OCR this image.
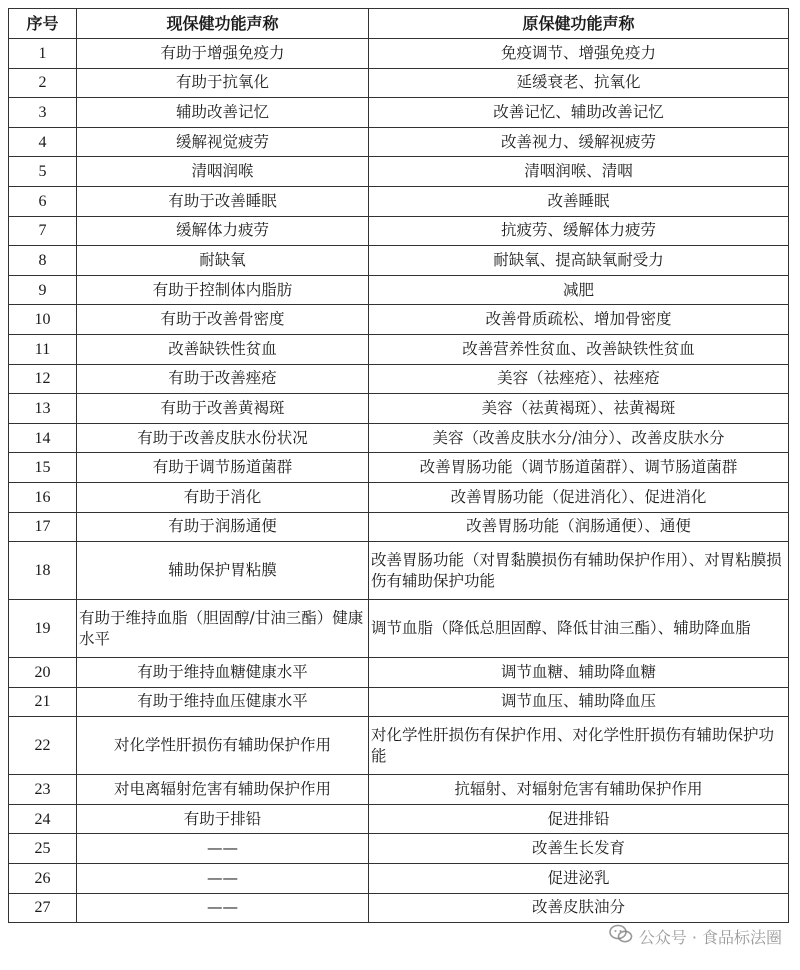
序号	现保健功能声称	原保健功能声称
1	有助于增强免疫力	免疫调节、增强免疫力
2	有助于抗氧化	延缓衰老、抗氧化
3	辅助改善记忆	改善记忆、辅助改善记忆
4	缓解视觉疲劳	改善视力、缓解视疲劳
5	清咽润喉	清咽润喉、清咽
6	有助于改善睡眠	改善睡眠
7	缓解体力疲劳	抗疲劳、缓解体力疲劳
8	耐缺氧	耐缺氧、提高缺氧耐受力
9	有助于控制体内脂肪	减肥
10	有助于改善骨密度	改善骨质疏松、增加骨密度
11	改善缺铁性贫血	改善营养性贫血、改善缺铁性贫血
12	有助于改善痤疮	美容（祛痤疮）、祛痤疮
13	有助于改善黄褐斑	美容（祛黄褐斑）、祛黄褐斑
14	有助于改善皮肤水份状况	美容（改善皮肤水分/油分）、改善皮肤水分
15	有助于调节肠道菌群	改善胃肠功能（调节肠道菌群）、调节肠道菌群
16	有助于消化	改善胃肠功能（促进消化）、促进消化
17	有助于润肠通便	改善胃肠功能（润肠通便）、通便
18	辅助保护胃粘膜	改善胃肠功能（对胃黏膜损伤有辅助保护作用）、对胃粘膜损伤有辅助保护功能
19	有助于维持血脂（胆固醇/甘油三酯）健康水平	调节血脂（降低总胆固醇、降低甘油三酯）、辅助降血脂
20	有助于维持血糖健康水平	调节血糖、辅助降血糖
21	有助于维持血压健康水平	调节血压、辅助降血压
22	对化学性肝损伤有辅助保护作用	对化学性肝损伤有保护作用、对化学性肝损伤有辅助保护功能
23	对电离辐射危害有辅助保护作用	抗辐射、对辐射危害有辅助保护作用
24	有助于排铅	促进排铅
25	——	改善生长发育
26	——	促进泌乳
27	——	改善皮肤油分
公众号 · 食品标法圈
